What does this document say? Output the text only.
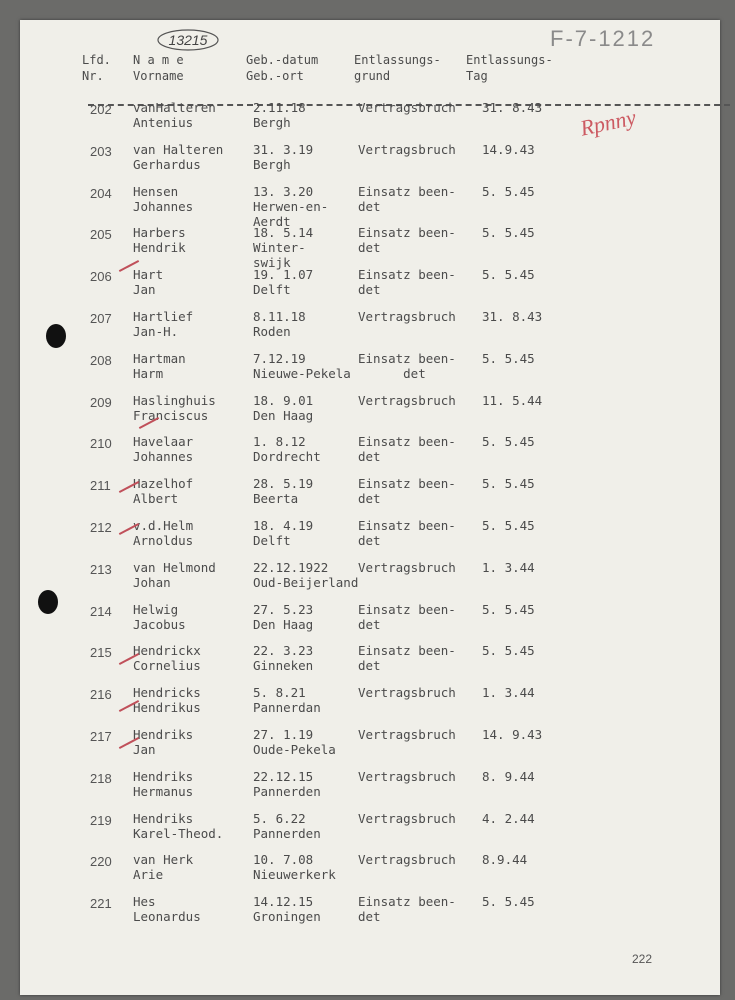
F-7-1212
13215
Lfd.
Nr.
N a m e
Vorname
Geb.-datum
Geb.-ort
Entlassungs-
grund
Entlassungs-
Tag
Rpnny
202 vanHalteren
Antenius
2.11.18
Bergh
Vertragsbruch 31. 8.43
203 van Halteren
Gerhardus
31. 3.19
Bergh
Vertragsbruch 14.9.43
204 Hensen
Johannes
13. 3.20
Herwen-en-
Aerdt
Einsatz been-
det
5. 5.45
205 Harbers
Hendrik
18. 5.14
Winter-
swijk
Einsatz been-
det
5. 5.45
206 Hart
Jan
19. 1.07
Delft
Einsatz been-
det
5. 5.45
207 Hartlief
Jan-H.
8.11.18
Roden
Vertragsbruch 31. 8.43
208 Hartman
Harm
7.12.19
Nieuwe-Pekela
Einsatz been-
det
5. 5.45
209 Haslinghuis
Franciscus
18. 9.01
Den Haag
Vertragsbruch 11. 5.44
210 Havelaar
Johannes
1. 8.12
Dordrecht
Einsatz been-
det
5. 5.45
211 Hazelhof
Albert
28. 5.19
Beerta
Einsatz been-
det
5. 5.45
212 v.d.Helm
Arnoldus
18. 4.19
Delft
Einsatz been-
det
5. 5.45
213 van Helmond
Johan
22.12.1922
Oud-Beijerland
Vertragsbruch 1. 3.44
214 Helwig
Jacobus
27. 5.23
Den Haag
Einsatz been-
det
5. 5.45
215 Hendrickx
Cornelius
22. 3.23
Ginneken
Einsatz been-
det
5. 5.45
216 Hendricks
Hendrikus
5. 8.21
Pannerdan
Vertragsbruch 1. 3.44
217 Hendriks
Jan
27. 1.19
Oude-Pekela
Vertragsbruch 14. 9.43
218 Hendriks
Hermanus
22.12.15
Pannerden
Vertragsbruch 8. 9.44
219 Hendriks
Karel-Theod.
5. 6.22
Pannerden
Vertragsbruch 4. 2.44
220 van Herk
Arie
10. 7.08
Nieuwerkerk
Vertragsbruch 8.9.44
221 Hes
Leonardus
14.12.15
Groningen
Einsatz been-
det
5. 5.45
222
